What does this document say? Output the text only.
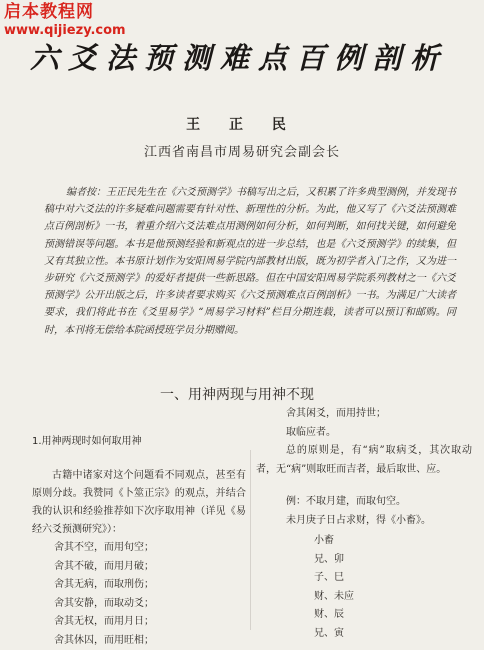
启本教程网
www.qijiezy.com
六爻法预测难点百例剖析
王 正 民
江西省南昌市周易研究会副会长

编者按：王正民先生在《六爻预测学》书稿写出之后，又积累了许多典型测例，并发现书稿中对六爻法的许多疑难问题需要有针对性、新理性的分析。为此，他又写了《六爻法预测难点百例剖析》一书，着重介绍六爻法难点用测例如何分析，如何判断，如何找关键，如何避免预测错误等问题。本书是他预测经验和新观点的进一步总结，也是《六爻预测学》的续集，但又有其独立性。本书原计划作为安阳周易学院内部教材出版，既为初学者入门之作，又为进一步研究《六爻预测学》的爱好者提供一些新思路。但在中国安阳周易学院系列教材之一《六爻预测学》公开出版之后，许多读者要求购买《六爻预测难点百例剖析》一书。为满足广大读者要求，我们将此书在《爻里易学》“周易学习材料”栏目分期连载，读者可以预订和邮购。同时，本刊将无偿给本院函授班学员分期赠阅。

一、用神两现与用神不现
1.用神两现时如何取用神

古籍中诸家对这个问题看不同观点，甚至有原则分歧。我赞同《卜筮正宗》的观点，并结合我的认识和经验推荐如下次序取用神（详见《易经六爻预测研究》）：

舍其不空，而用旬空；
舍其不破，而用月破；
舍其无病，而取刑伤；
舍其安静，而取动爻；
舍其无权，而用月日；
舍其休囚，而用旺相；

舍其闲爻，而用持世；

取临应者。

总的原则是，有“病”取病爻，其次取动者，无“病”则取旺而吉者，最后取世、应。

例：不取月建，而取旬空。

未月庚子日占求财，得《小畜》。

小畜
兄、卯
子、巳
财、未应
财、辰
兄、寅
